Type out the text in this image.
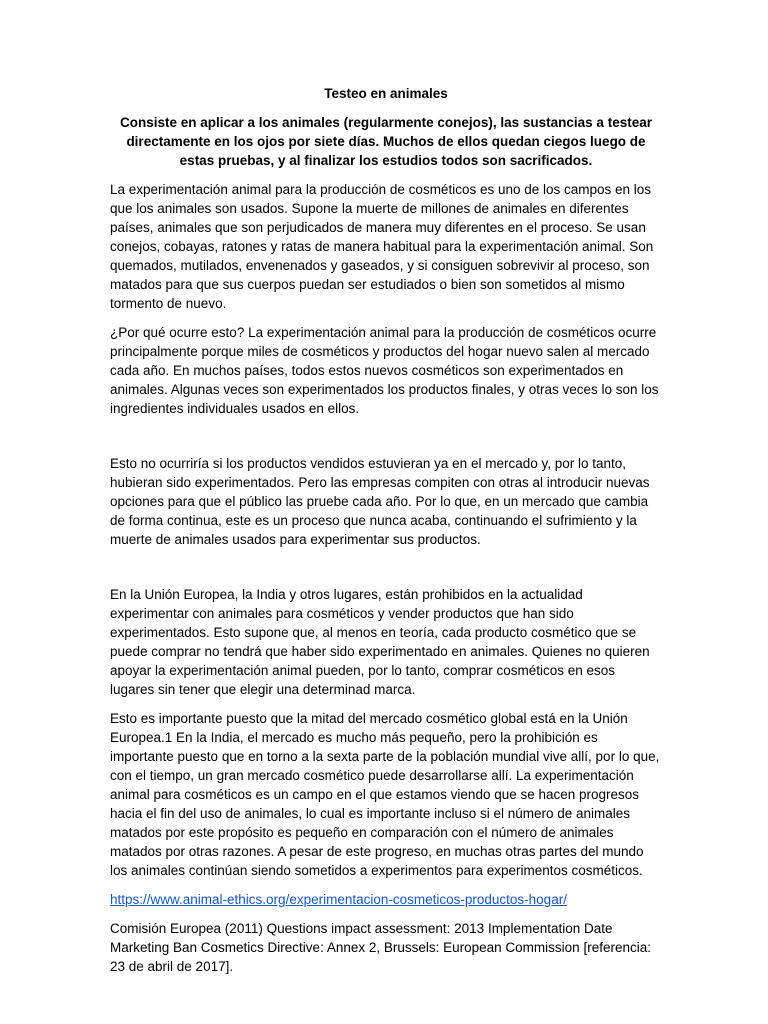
Testeo en animales
Consiste en aplicar a los animales (regularmente conejos), las sustancias a testear directamente en los ojos por siete días. Muchos de ellos quedan ciegos luego de estas pruebas, y al finalizar los estudios todos son sacrificados.
La experimentación animal para la producción de cosméticos es uno de los campos en los que los animales son usados. Supone la muerte de millones de animales en diferentes países, animales que son perjudicados de manera muy diferentes en el proceso. Se usan conejos, cobayas, ratones y ratas de manera habitual para la experimentación animal. Son quemados, mutilados, envenenados y gaseados, y si consiguen sobrevivir al proceso, son matados para que sus cuerpos puedan ser estudiados o bien son sometidos al mismo tormento de nuevo.
¿Por qué ocurre esto? La experimentación animal para la producción de cosméticos ocurre principalmente porque miles de cosméticos y productos del hogar nuevo salen al mercado cada año. En muchos países, todos estos nuevos cosméticos son experimentados en animales. Algunas veces son experimentados los productos finales, y otras veces lo son los ingredientes individuales usados en ellos.
Esto no ocurriría si los productos vendidos estuvieran ya en el mercado y, por lo tanto, hubieran sido experimentados. Pero las empresas compiten con otras al introducir nuevas opciones para que el público las pruebe cada año. Por lo que, en un mercado que cambia de forma continua, este es un proceso que nunca acaba, continuando el sufrimiento y la muerte de animales usados para experimentar sus productos.
En la Unión Europea, la India y otros lugares, están prohibidos en la actualidad experimentar con animales para cosméticos y vender productos que han sido experimentados. Esto supone que, al menos en teoría, cada producto cosmético que se puede comprar no tendrá que haber sido experimentado en animales. Quienes no quieren apoyar la experimentación animal pueden, por lo tanto, comprar cosméticos en esos lugares sin tener que elegir una determinad marca.
Esto es importante puesto que la mitad del mercado cosmético global está en la Unión Europea.1 En la India, el mercado es mucho más pequeño, pero la prohibición es importante puesto que en torno a la sexta parte de la población mundial vive allí, por lo que, con el tiempo, un gran mercado cosmético puede desarrollarse allí. La experimentación animal para cosméticos es un campo en el que estamos viendo que se hacen progresos hacia el fin del uso de animales, lo cual es importante incluso si el número de animales matados por este propósito es pequeño en comparación con el número de animales matados por otras razones. A pesar de este progreso, en muchas otras partes del mundo los animales continúan siendo sometidos a experimentos para experimentos cosméticos.
https://www.animal-ethics.org/experimentacion-cosmeticos-productos-hogar/
Comisión Europea (2011) Questions impact assessment: 2013 Implementation Date Marketing Ban Cosmetics Directive: Annex 2, Brussels: European Commission [referencia: 23 de abril de 2017].
